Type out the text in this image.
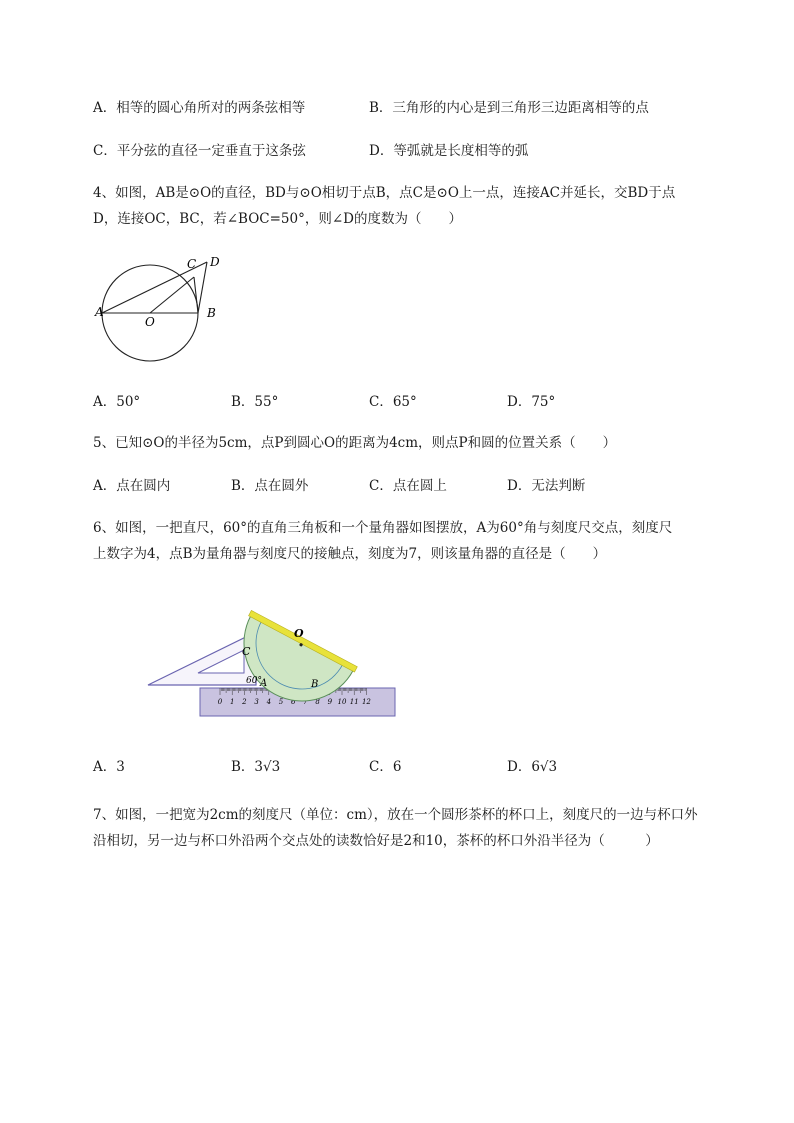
A．相等的圆心角所对的两条弦相等	B．三角形的内心是到三角形三边距离相等的点
C．平分弦的直径一定垂直于这条弦	D．等弧就是长度相等的弧
4、如图，AB是⊙O的直径，BD与⊙O相切于点B，点C是⊙O上一点，连接AC并延长，交BD于点
D，连接OC，BC，若∠BOC=50°，则∠D的度数为（　　）
A	B
C D
O
A．50°	B．55°	C．65°	D．75°
5、已知⊙O的半径为5cm，点P到圆心O的距离为4cm，则点P和圆的位置关系（　　）
A．点在圆内	B．点在圆外	C．点在圆上	D．无法判断
6、如图，一把直尺，60°的直角三角板和一个量角器如图摆放，A为60°角与刻度尺交点，刻度尺
上数字为4，点B为量角器与刻度尺的接触点，刻度为7，则该量角器的直径是（　　）
0 1 2 3 4 5 6 7 8 9 10 11 12
O
C
60°
A	B
A．3	B．3√3	C．6	D．6√3
7、如图，一把宽为2cm的刻度尺（单位：cm），放在一个圆形茶杯的杯口上，刻度尺的一边与杯口外
沿相切，另一边与杯口外沿两个交点处的读数恰好是2和10，茶杯的杯口外沿半径为（　　　）
